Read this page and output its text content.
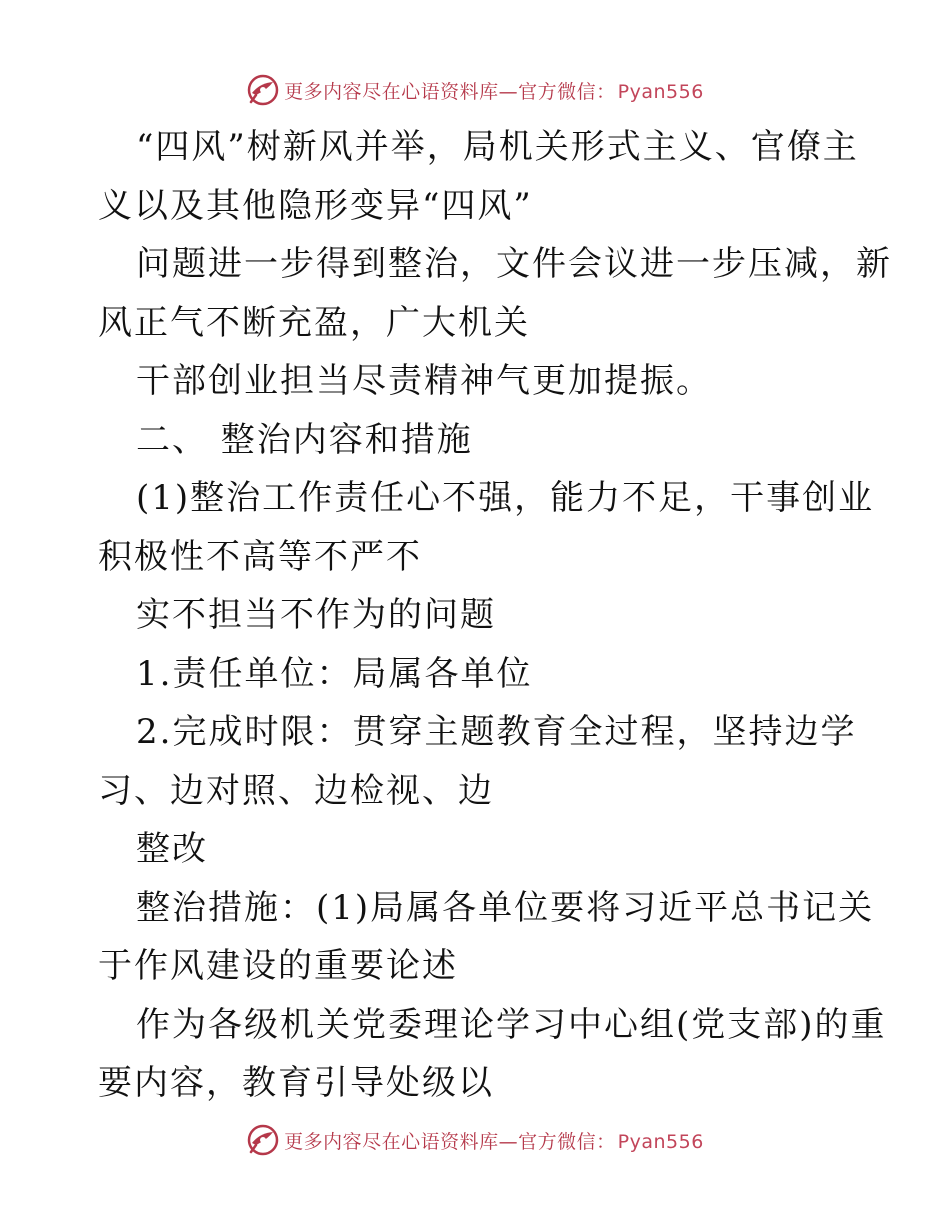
更多内容尽在心语资料库—官方微信： Pyan556
“四风”树新风并举，局机关形式主义、官僚主
义以及其他隐形变异“四风”
问题进一步得到整治，文件会议进一步压减，新
风正气不断充盈，广大机关
干部创业担当尽责精神气更加提振。
二、 整治内容和措施
(1)整治工作责任心不强，能力不足，干事创业
积极性不高等不严不
实不担当不作为的问题
1.责任单位：局属各单位
2.完成时限：贯穿主题教育全过程，坚持边学
习、边对照、边检视、边
整改
整治措施：(1)局属各单位要将习近平总书记关
于作风建设的重要论述
作为各级机关党委理论学习中心组(党支部)的重
要内容，教育引导处级以
更多内容尽在心语资料库—官方微信： Pyan556
